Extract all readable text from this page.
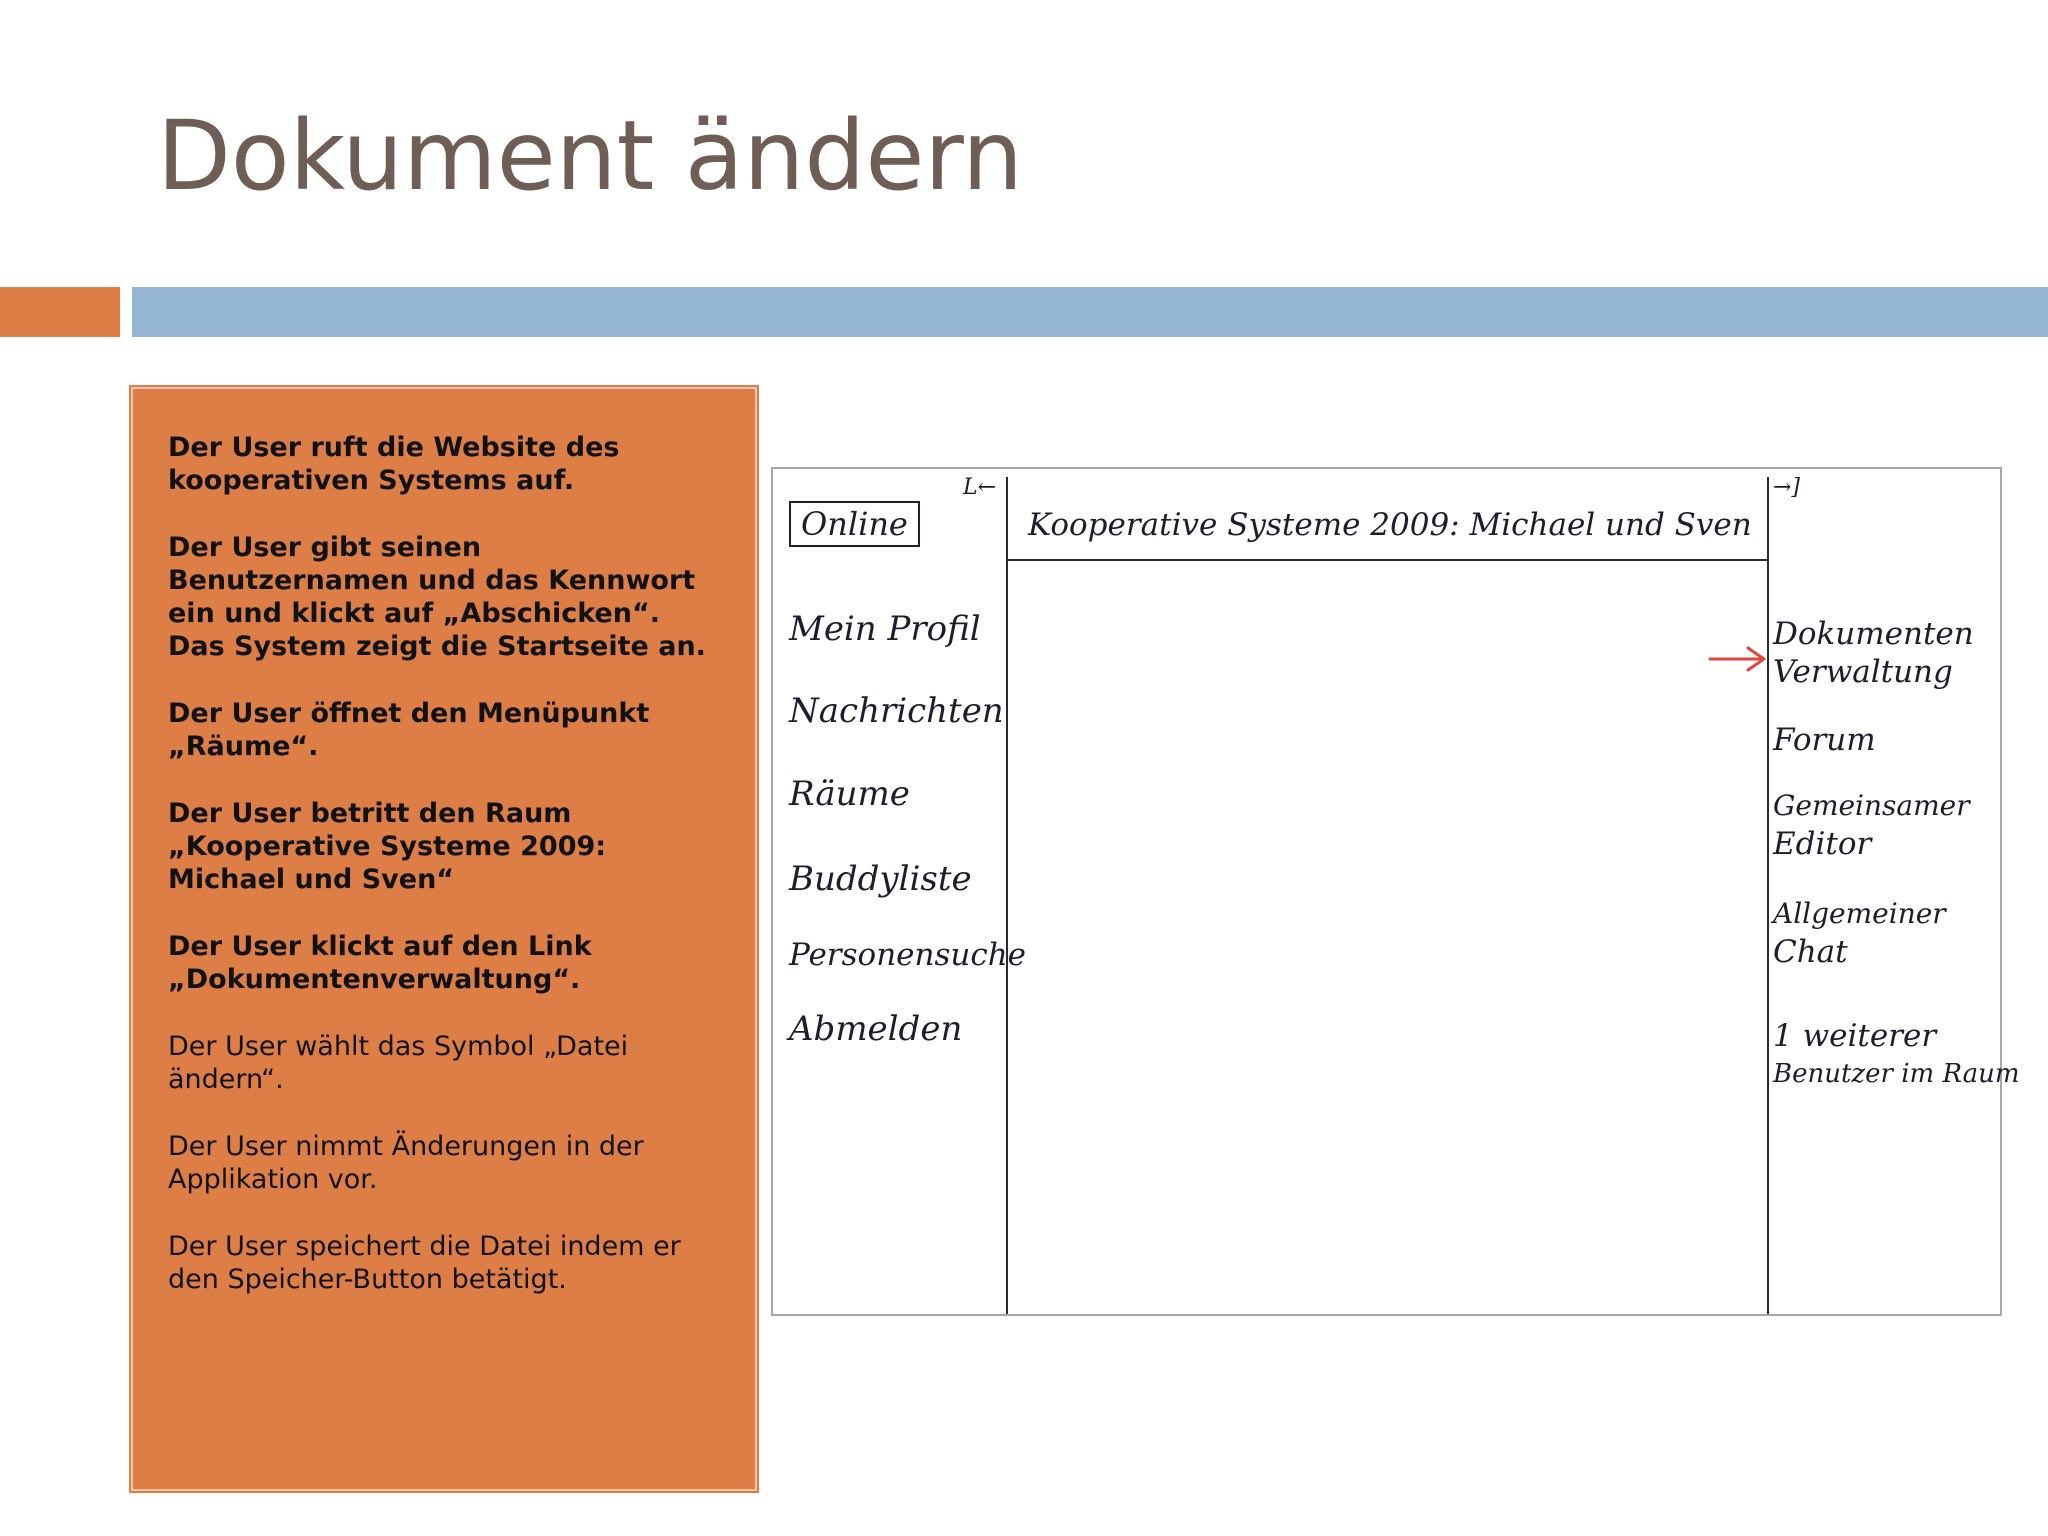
Dokument ändern

Der User ruft die Website des kooperativen Systems auf.

Der User gibt seinen Benutzernamen und das Kennwort ein und klickt auf „Abschicken“. Das System zeigt die Startseite an.

Der User öffnet den Menüpunkt „Räume“.

Der User betritt den Raum „Kooperative Systeme 2009: Michael und Sven“

Der User klickt auf den Link „Dokumentenverwaltung“.

Der User wählt das Symbol „Datei ändern“.

Der User nimmt Änderungen in der Applikation vor.

Der User speichert die Datei indem er den Speicher-Button betätigt.

L←	→]
Online	Kooperative Systeme 2009: Michael und Sven
Mein Profil
Nachrichten
Räume
Buddyliste
Personensuche
Abmelden
Dokumenten
Verwaltung
Forum
Gemeinsamer
Editor
Allgemeiner
Chat
1 weiterer
Benutzer im Raum
